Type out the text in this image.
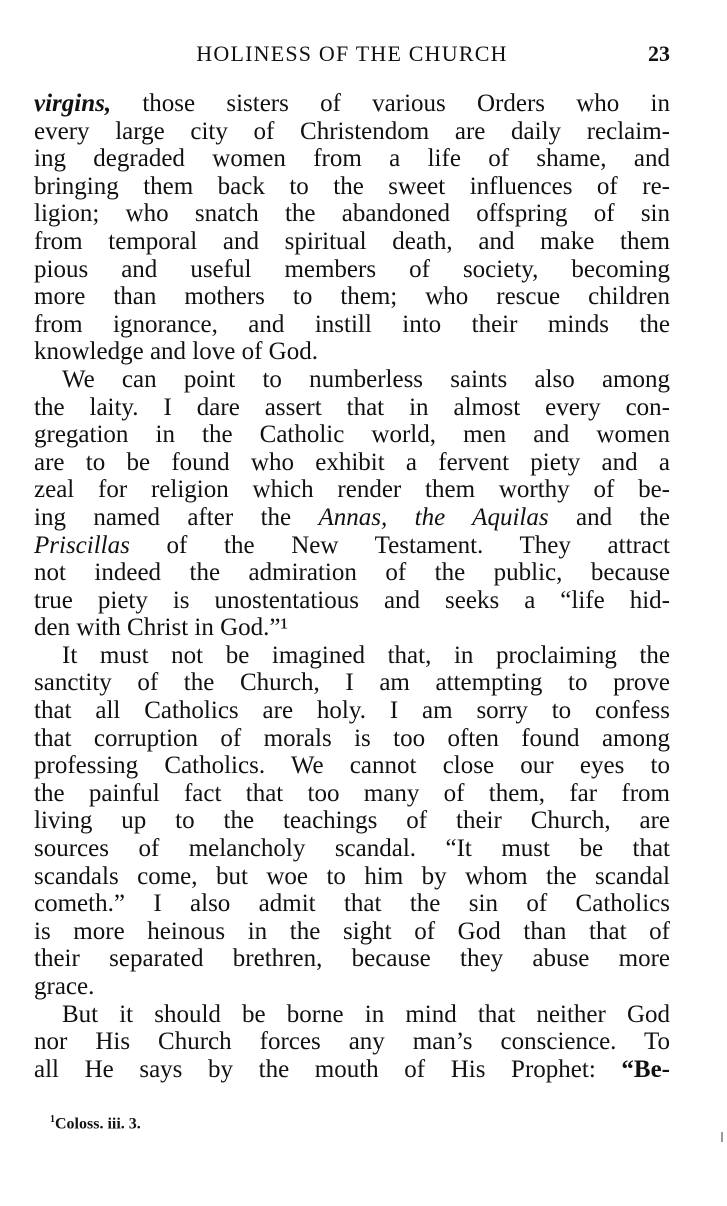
HOLINESS OF THE CHURCH	23
virgins, those sisters of various Orders who in
every large city of Christendom are daily reclaim-
ing degraded women from a life of shame, and
bringing them back to the sweet influences of re-
ligion; who snatch the abandoned offspring of sin
from temporal and spiritual death, and make them
pious and useful members of society, becoming
more than mothers to them; who rescue children
from ignorance, and instill into their minds the
knowledge and love of God.
We can point to numberless saints also among
the laity. I dare assert that in almost every con-
gregation in the Catholic world, men and women
are to be found who exhibit a fervent piety and a
zeal for religion which render them worthy of be-
ing named after the Annas, the Aquilas and the
Priscillas of the New Testament. They attract
not indeed the admiration of the public, because
true piety is unostentatious and seeks a “life hid-
den with Christ in God.”¹
It must not be imagined that, in proclaiming the
sanctity of the Church, I am attempting to prove
that all Catholics are holy. I am sorry to confess
that corruption of morals is too often found among
professing Catholics. We cannot close our eyes to
the painful fact that too many of them, far from
living up to the teachings of their Church, are
sources of melancholy scandal. “It must be that
scandals come, but woe to him by whom the scandal
cometh.” I also admit that the sin of Catholics
is more heinous in the sight of God than that of
their separated brethren, because they abuse more
grace.
But it should be borne in mind that neither God
nor His Church forces any man’s conscience. To
all He says by the mouth of His Prophet: “Be-
$^1$Coloss. iii. 3.
